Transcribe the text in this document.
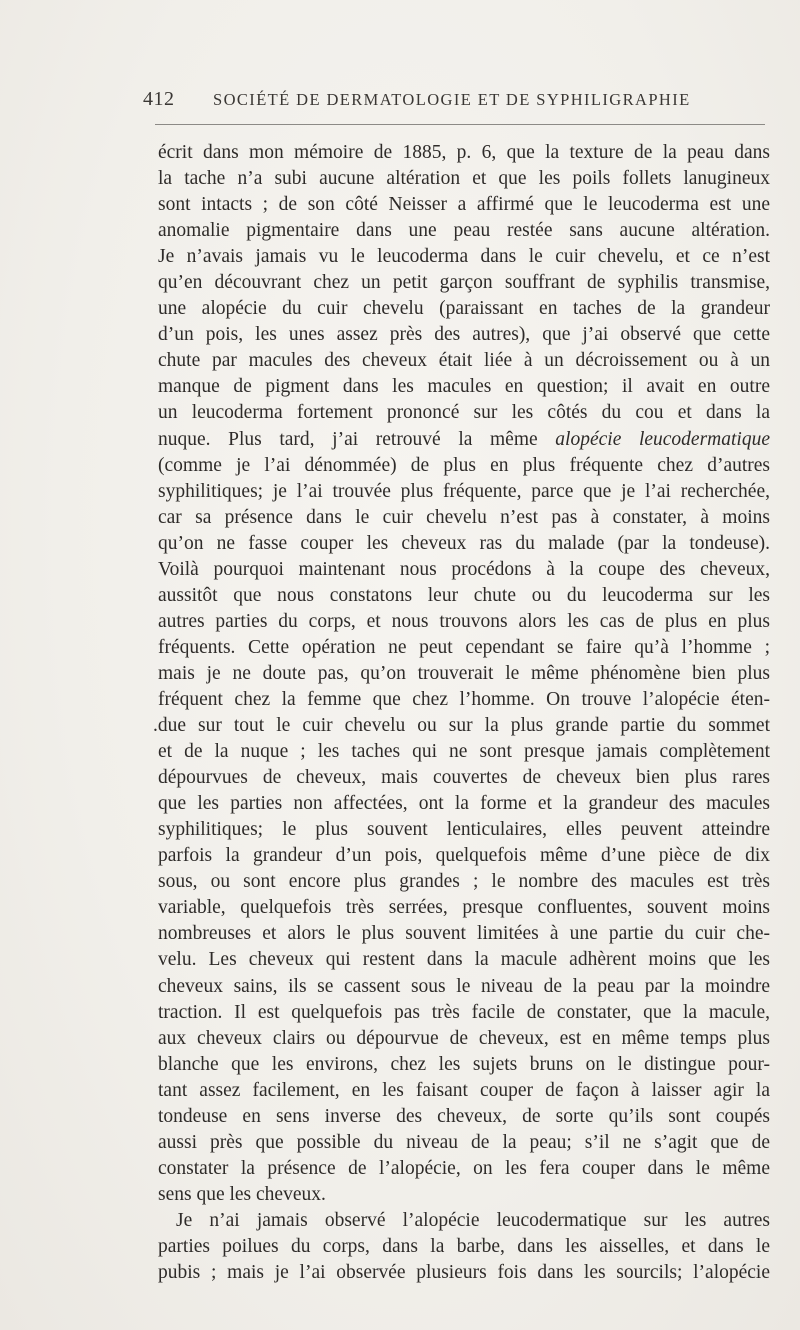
412 SOCIÉTÉ DE DERMATOLOGIE ET DE SYPHILIGRAPHIE
écrit dans mon mémoire de 1885, p. 6, que la texture de la peau dans
la tache n’a subi aucune altération et que les poils follets lanugineux
sont intacts ; de son côté Neisser a affirmé que le leucoderma est une
anomalie pigmentaire dans une peau restée sans aucune altération.
Je n’avais jamais vu le leucoderma dans le cuir chevelu, et ce n’est
qu’en découvrant chez un petit garçon souffrant de syphilis transmise,
une alopécie du cuir chevelu (paraissant en taches de la grandeur
d’un pois, les unes assez près des autres), que j’ai observé que cette
chute par macules des cheveux était liée à un décroissement ou à un
manque de pigment dans les macules en question; il avait en outre
un leucoderma fortement prononcé sur les côtés du cou et dans la
nuque. Plus tard, j’ai retrouvé la même alopécie leucodermatique
(comme je l’ai dénommée) de plus en plus fréquente chez d’autres
syphilitiques; je l’ai trouvée plus fréquente, parce que je l’ai recherchée,
car sa présence dans le cuir chevelu n’est pas à constater, à moins
qu’on ne fasse couper les cheveux ras du malade (par la tondeuse).
Voilà pourquoi maintenant nous procédons à la coupe des cheveux,
aussitôt que nous constatons leur chute ou du leucoderma sur les
autres parties du corps, et nous trouvons alors les cas de plus en plus
fréquents. Cette opération ne peut cependant se faire qu’à l’homme ;
mais je ne doute pas, qu’on trouverait le même phénomène bien plus
fréquent chez la femme que chez l’homme. On trouve l’alopécie éten-
.due sur tout le cuir chevelu ou sur la plus grande partie du sommet
et de la nuque ; les taches qui ne sont presque jamais complètement
dépourvues de cheveux, mais couvertes de cheveux bien plus rares
que les parties non affectées, ont la forme et la grandeur des macules
syphilitiques; le plus souvent lenticulaires, elles peuvent atteindre
parfois la grandeur d’un pois, quelquefois même d’une pièce de dix
sous, ou sont encore plus grandes ; le nombre des macules est très
variable, quelquefois très serrées, presque confluentes, souvent moins
nombreuses et alors le plus souvent limitées à une partie du cuir che-
velu. Les cheveux qui restent dans la macule adhèrent moins que les
cheveux sains, ils se cassent sous le niveau de la peau par la moindre
traction. Il est quelquefois pas très facile de constater, que la macule,
aux cheveux clairs ou dépourvue de cheveux, est en même temps plus
blanche que les environs, chez les sujets bruns on le distingue pour-
tant assez facilement, en les faisant couper de façon à laisser agir la
tondeuse en sens inverse des cheveux, de sorte qu’ils sont coupés
aussi près que possible du niveau de la peau; s’il ne s’agit que de
constater la présence de l’alopécie, on les fera couper dans le même
sens que les cheveux.
Je n’ai jamais observé l’alopécie leucodermatique sur les autres
parties poilues du corps, dans la barbe, dans les aisselles, et dans le
pubis ; mais je l’ai observée plusieurs fois dans les sourcils; l’alopécie
